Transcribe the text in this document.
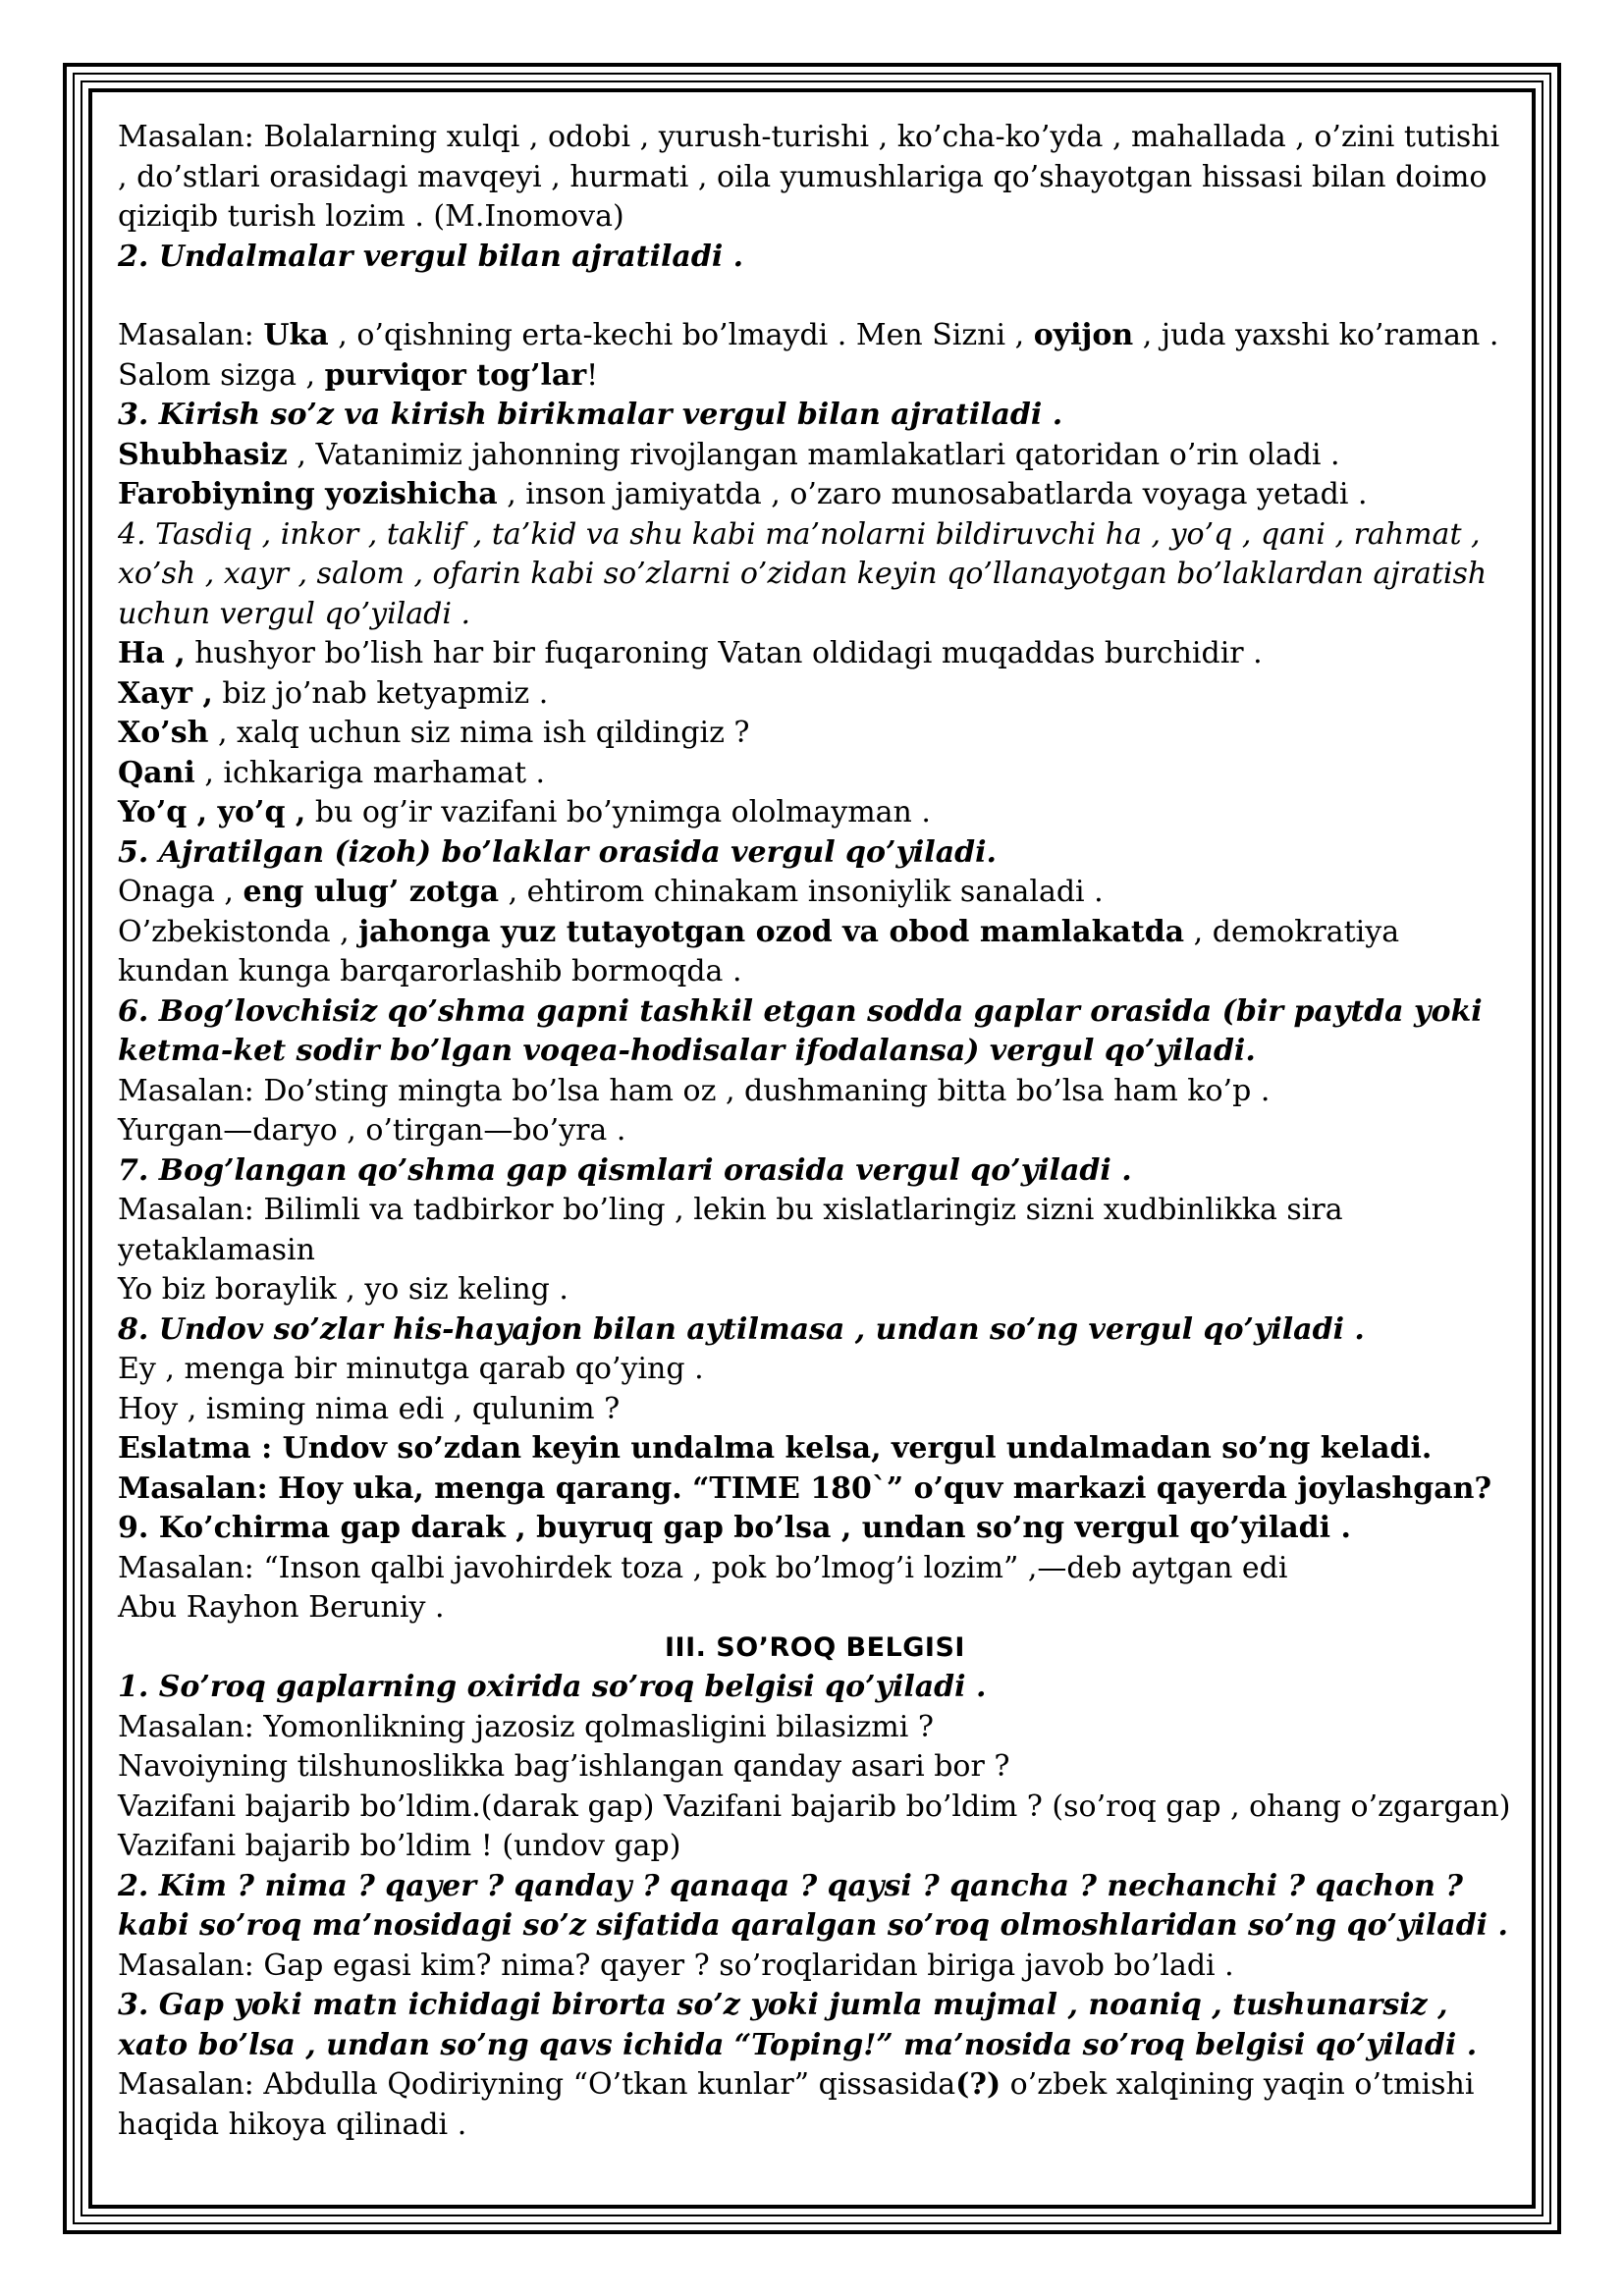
Masalan: Bolalarning xulqi , odobi , yurush-turishi , ko’cha-ko’yda , mahallada , o’zini tutishi , do’stlari orasidagi mavqeyi , hurmati , oila yumushlariga qo’shayotgan hissasi bilan doimo qiziqib turish lozim . (M.Inomova)

2. Undalmalar vergul bilan ajratiladi .

Masalan: Uka , o’qishning erta-kechi bo’lmaydi . Men Sizni , oyijon , juda yaxshi ko’raman . Salom sizga , purviqor tog’lar!

3. Kirish so’z va kirish birikmalar vergul bilan ajratiladi .

Shubhasiz , Vatanimiz jahonning rivojlangan mamlakatlari qatoridan o’rin oladi .

Farobiyning yozishicha , inson jamiyatda , o’zaro munosabatlarda voyaga yetadi .

4. Tasdiq , inkor , taklif , ta’kid va shu kabi ma’nolarni bildiruvchi ha , yo’q , qani , rahmat , xo’sh , xayr , salom , ofarin kabi so’zlarni o’zidan keyin qo’llanayotgan bo’laklardan ajratish uchun vergul qo’yiladi .

Ha , hushyor bo’lish har bir fuqaroning Vatan oldidagi muqaddas burchidir .

Xayr , biz jo’nab ketyapmiz .

Xo’sh , xalq uchun siz nima ish qildingiz ?

Qani , ichkariga marhamat .

Yo’q , yo’q , bu og’ir vazifani bo’ynimga ololmayman .

5. Ajratilgan (izoh) bo’laklar orasida vergul qo’yiladi.

Onaga , eng ulug’ zotga , ehtirom chinakam insoniylik sanaladi .

O’zbekistonda , jahonga yuz tutayotgan ozod va obod mamlakatda , demokratiya kundan kunga barqarorlashib bormoqda .

6. Bog’lovchisiz qo’shma gapni tashkil etgan sodda gaplar orasida (bir paytda yoki ketma-ket sodir bo’lgan voqea-hodisalar ifodalansa) vergul qo’yiladi.

Masalan: Do’sting mingta bo’lsa ham oz , dushmaning bitta bo’lsa ham ko’p .

Yurgan—daryo , o’tirgan—bo’yra .

7. Bog’langan qo’shma gap qismlari orasida vergul qo’yiladi .

Masalan: Bilimli va tadbirkor bo’ling , lekin bu xislatlaringiz sizni xudbinlikka sira yetaklamasin

Yo biz boraylik , yo siz keling .

8. Undov so’zlar his-hayajon bilan aytilmasa , undan so’ng vergul qo’yiladi .

Ey , menga bir minutga qarab qo’ying .

Hoy , isming nima edi , qulunim ?

Eslatma : Undov so’zdan keyin undalma kelsa, vergul undalmadan so’ng keladi.

Masalan: Hoy uka, menga qarang. “TIME 180`” o’quv markazi qayerda joylashgan?

9. Ko’chirma gap darak , buyruq gap bo’lsa , undan so’ng vergul qo’yiladi .

Masalan: “Inson qalbi javohirdek toza , pok bo’lmog’i lozim” ,—deb aytgan edi

Abu Rayhon Beruniy .

III. SO’ROQ BELGISI

1. So’roq gaplarning oxirida so’roq belgisi qo’yiladi .

Masalan: Yomonlikning jazosiz qolmasligini bilasizmi ?

Navoiyning tilshunoslikka bag’ishlangan qanday asari bor ?

Vazifani bajarib bo’ldim.(darak gap) Vazifani bajarib bo’ldim ? (so’roq gap , ohang o’zgargan)

Vazifani bajarib bo’ldim ! (undov gap)

2. Kim ? nima ? qayer ? qanday ? qanaqa ? qaysi ? qancha ? nechanchi ? qachon ? kabi so’roq ma’nosidagi so’z sifatida qaralgan so’roq olmoshlaridan so’ng qo’yiladi .

Masalan: Gap egasi kim? nima? qayer ? so’roqlaridan biriga javob bo’ladi .

3. Gap yoki matn ichidagi birorta so’z yoki jumla mujmal , noaniq , tushunarsiz , xato bo’lsa , undan so’ng qavs ichida “Toping!” ma’nosida so’roq belgisi qo’yiladi .

Masalan: Abdulla Qodiriyning “O’tkan kunlar” qissasida(?) o’zbek xalqining yaqin o’tmishi haqida hikoya qilinadi .
